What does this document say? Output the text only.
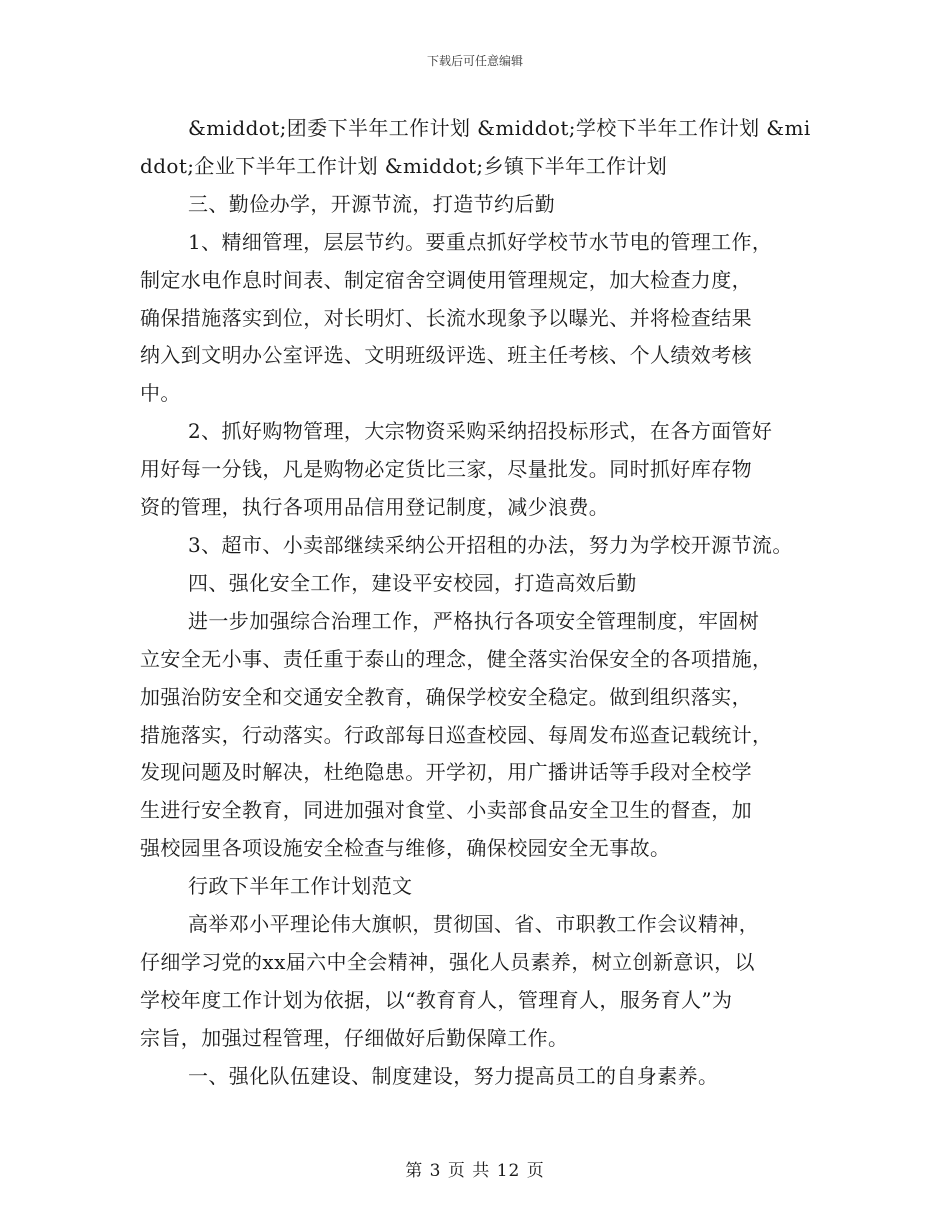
下载后可任意编辑
&middot;团委下半年工作计划 &middot;学校下半年工作计划 &mi
ddot;企业下半年工作计划 &middot;乡镇下半年工作计划
三、勤俭办学，开源节流，打造节约后勤
1、精细管理，层层节约。要重点抓好学校节水节电的管理工作，
制定水电作息时间表、制定宿舍空调使用管理规定，加大检查力度，
确保措施落实到位，对长明灯、长流水现象予以曝光、并将检查结果
纳入到文明办公室评选、文明班级评选、班主任考核、个人绩效考核
中。
2、抓好购物管理，大宗物资采购采纳招投标形式，在各方面管好
用好每一分钱，凡是购物必定货比三家，尽量批发。同时抓好库存物
资的管理，执行各项用品信用登记制度，减少浪费。
3、超市、小卖部继续采纳公开招租的办法，努力为学校开源节流。
四、强化安全工作，建设平安校园，打造高效后勤
进一步加强综合治理工作，严格执行各项安全管理制度，牢固树
立安全无小事、责任重于泰山的理念，健全落实治保安全的各项措施，
加强治防安全和交通安全教育，确保学校安全稳定。做到组织落实，
措施落实，行动落实。行政部每日巡查校园、每周发布巡查记载统计，
发现问题及时解决，杜绝隐患。开学初，用广播讲话等手段对全校学
生进行安全教育，同进加强对食堂、小卖部食品安全卫生的督查，加
强校园里各项设施安全检查与维修，确保校园安全无事故。
行政下半年工作计划范文
高举邓小平理论伟大旗帜，贯彻国、省、市职教工作会议精神，
仔细学习党的xx届六中全会精神，强化人员素养，树立创新意识，以
学校年度工作计划为依据，以“教育育人，管理育人，服务育人”为
宗旨，加强过程管理，仔细做好后勤保障工作。
一、强化队伍建设、制度建设，努力提高员工的自身素养。
第 3 页 共 12 页
